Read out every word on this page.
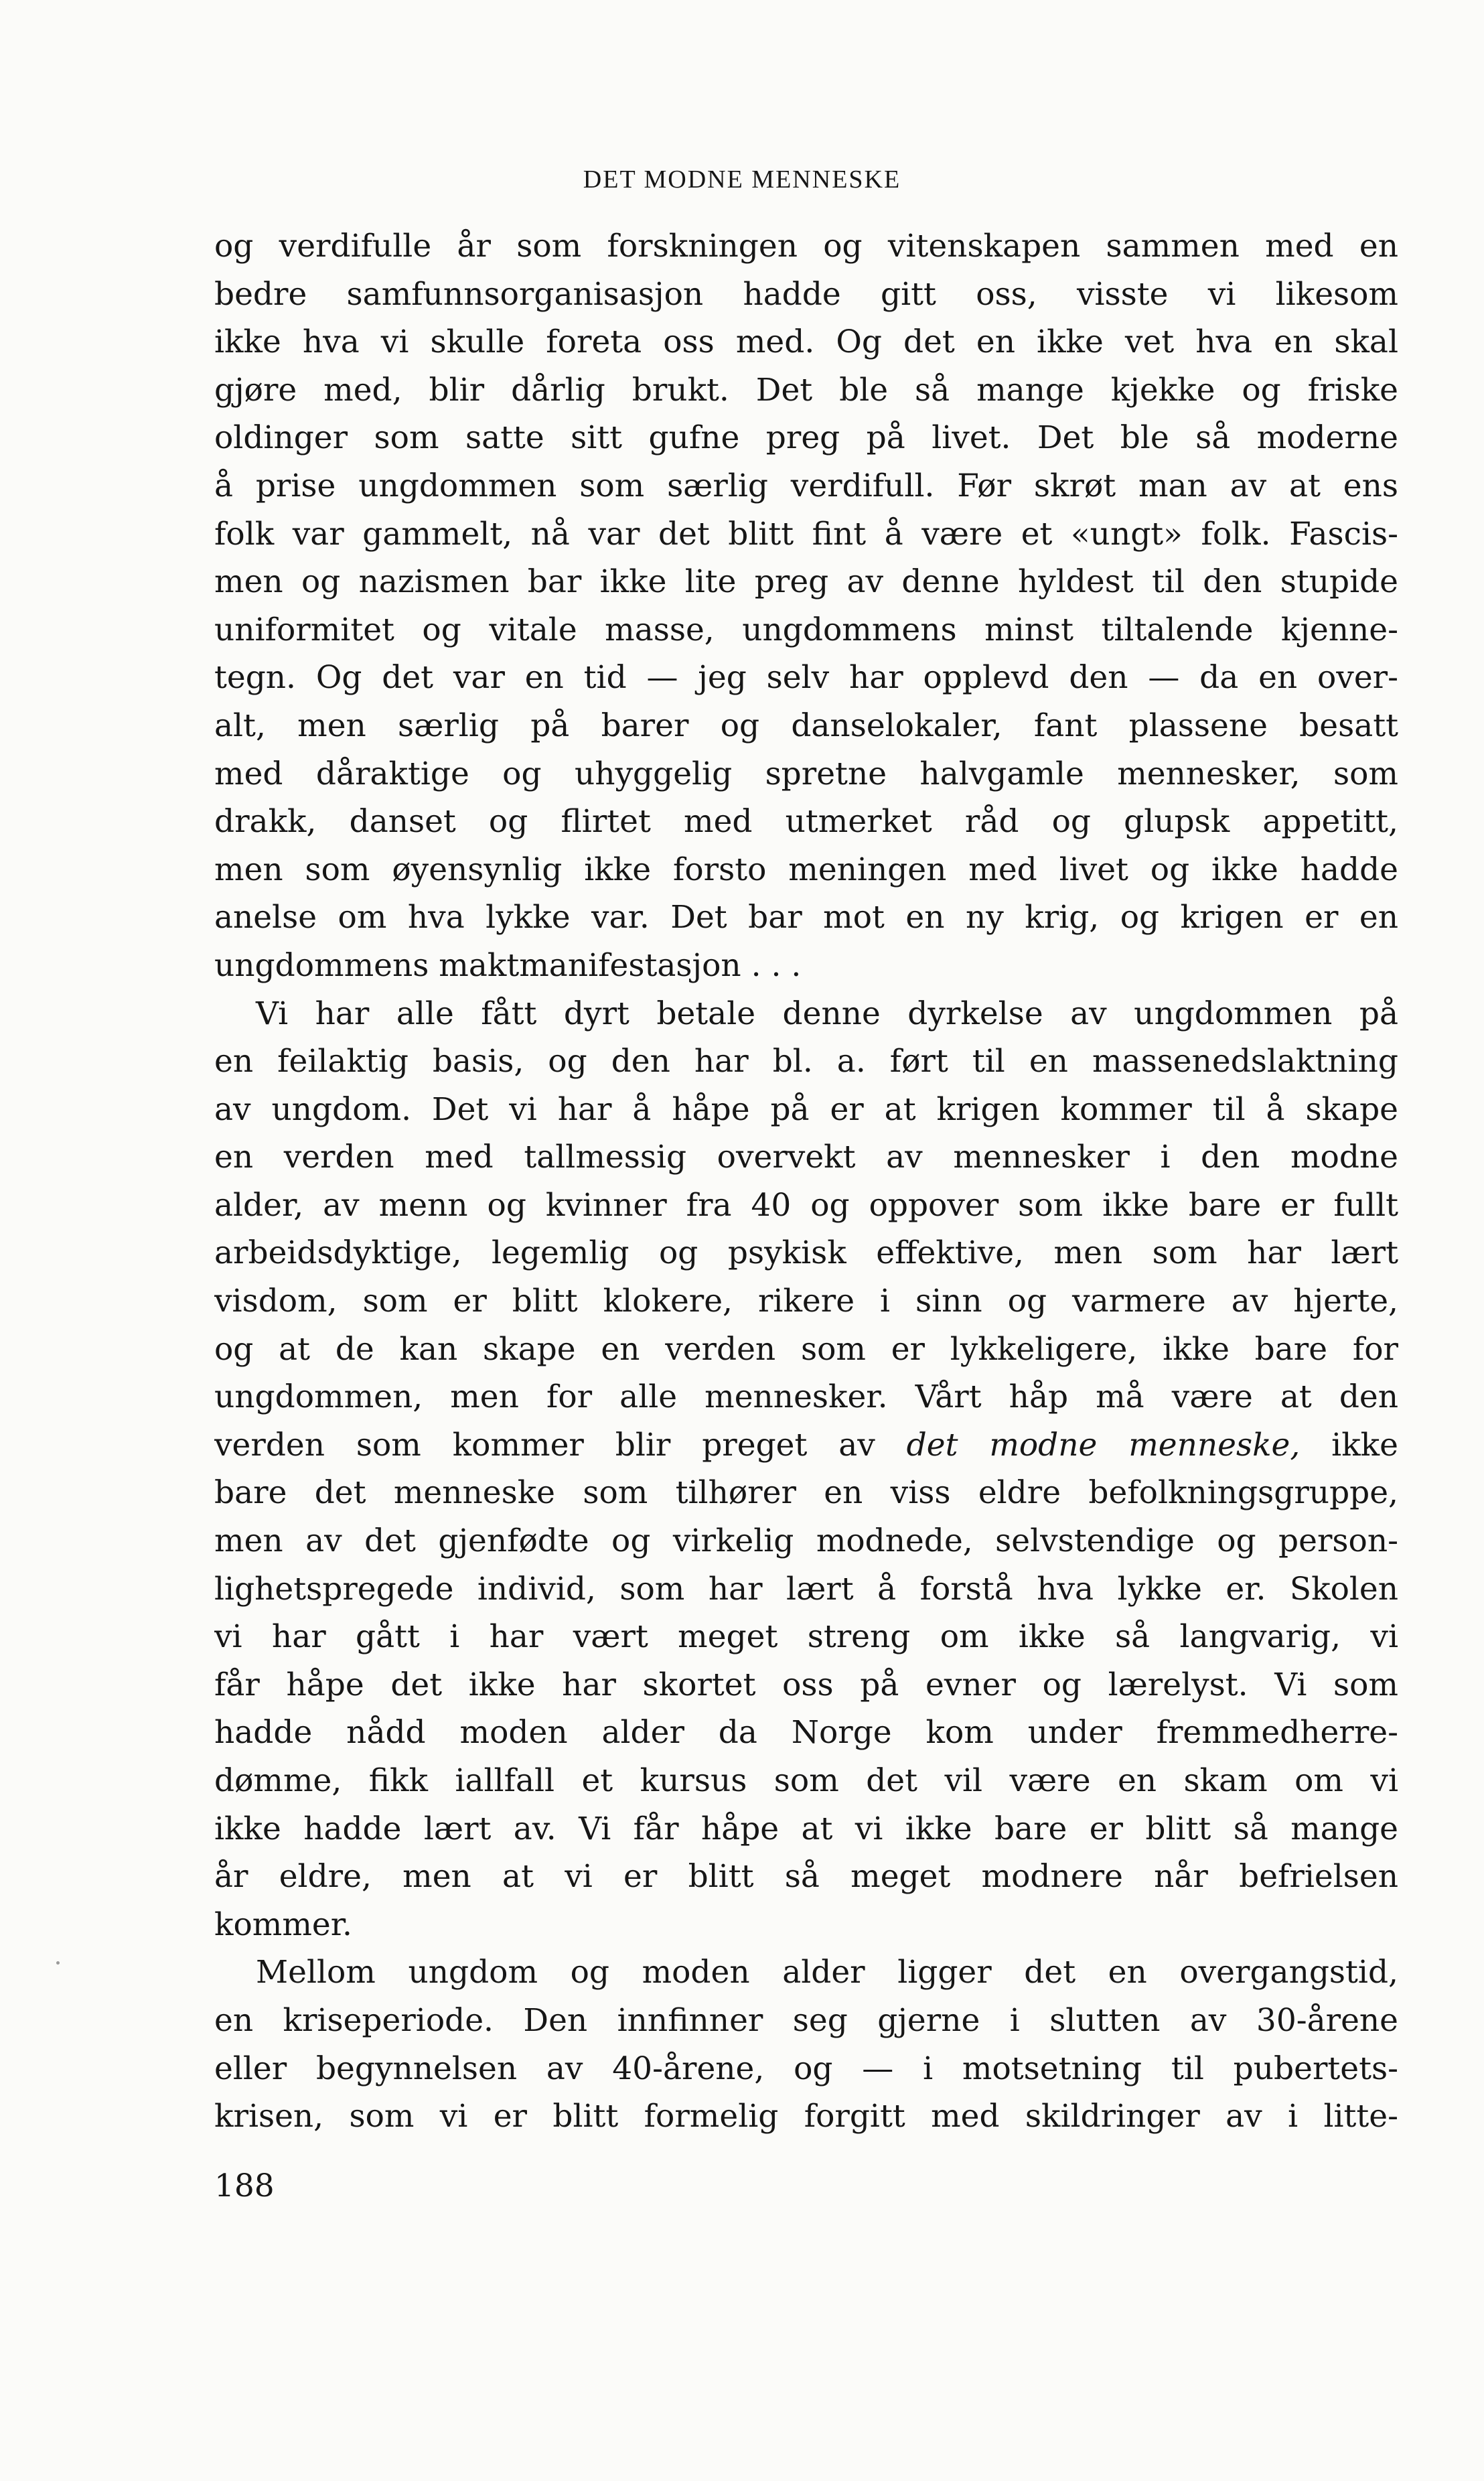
DET MODNE MENNESKE
og verdifulle år som forskningen og vitenskapen sammen med en
bedre samfunnsorganisasjon hadde gitt oss, visste vi likesom
ikke hva vi skulle foreta oss med. Og det en ikke vet hva en skal
gjøre med, blir dårlig brukt. Det ble så mange kjekke og friske
oldinger som satte sitt gufne preg på livet. Det ble så moderne
å prise ungdommen som særlig verdifull. Før skrøt man av at ens
folk var gammelt, nå var det blitt fint å være et «ungt» folk. Fascis-
men og nazismen bar ikke lite preg av denne hyldest til den stupide
uniformitet og vitale masse, ungdommens minst tiltalende kjenne-
tegn. Og det var en tid — jeg selv har opplevd den — da en over-
alt, men særlig på barer og danselokaler, fant plassene besatt
med dåraktige og uhyggelig spretne halvgamle mennesker, som
drakk, danset og flirtet med utmerket råd og glupsk appetitt,
men som øyensynlig ikke forsto meningen med livet og ikke hadde
anelse om hva lykke var. Det bar mot en ny krig, og krigen er en
ungdommens maktmanifestasjon . . .
Vi har alle fått dyrt betale denne dyrkelse av ungdommen på
en feilaktig basis, og den har bl. a. ført til en massenedslaktning
av ungdom. Det vi har å håpe på er at krigen kommer til å skape
en verden med tallmessig overvekt av mennesker i den modne
alder, av menn og kvinner fra 40 og oppover som ikke bare er fullt
arbeidsdyktige, legemlig og psykisk effektive, men som har lært
visdom, som er blitt klokere, rikere i sinn og varmere av hjerte,
og at de kan skape en verden som er lykkeligere, ikke bare for
ungdommen, men for alle mennesker. Vårt håp må være at den
verden som kommer blir preget av det modne menneske, ikke
bare det menneske som tilhører en viss eldre befolkningsgruppe,
men av det gjenfødte og virkelig modnede, selvstendige og person-
lighetspregede individ, som har lært å forstå hva lykke er. Skolen
vi har gått i har vært meget streng om ikke så langvarig, vi
får håpe det ikke har skortet oss på evner og lærelyst. Vi som
hadde nådd moden alder da Norge kom under fremmedherre-
dømme, fikk iallfall et kursus som det vil være en skam om vi
ikke hadde lært av. Vi får håpe at vi ikke bare er blitt så mange
år eldre, men at vi er blitt så meget modnere når befrielsen
kommer.
Mellom ungdom og moden alder ligger det en overgangstid,
en kriseperiode. Den innfinner seg gjerne i slutten av 30-årene
eller begynnelsen av 40-årene, og — i motsetning til pubertets-
krisen, som vi er blitt formelig forgitt med skildringer av i litte-
188
